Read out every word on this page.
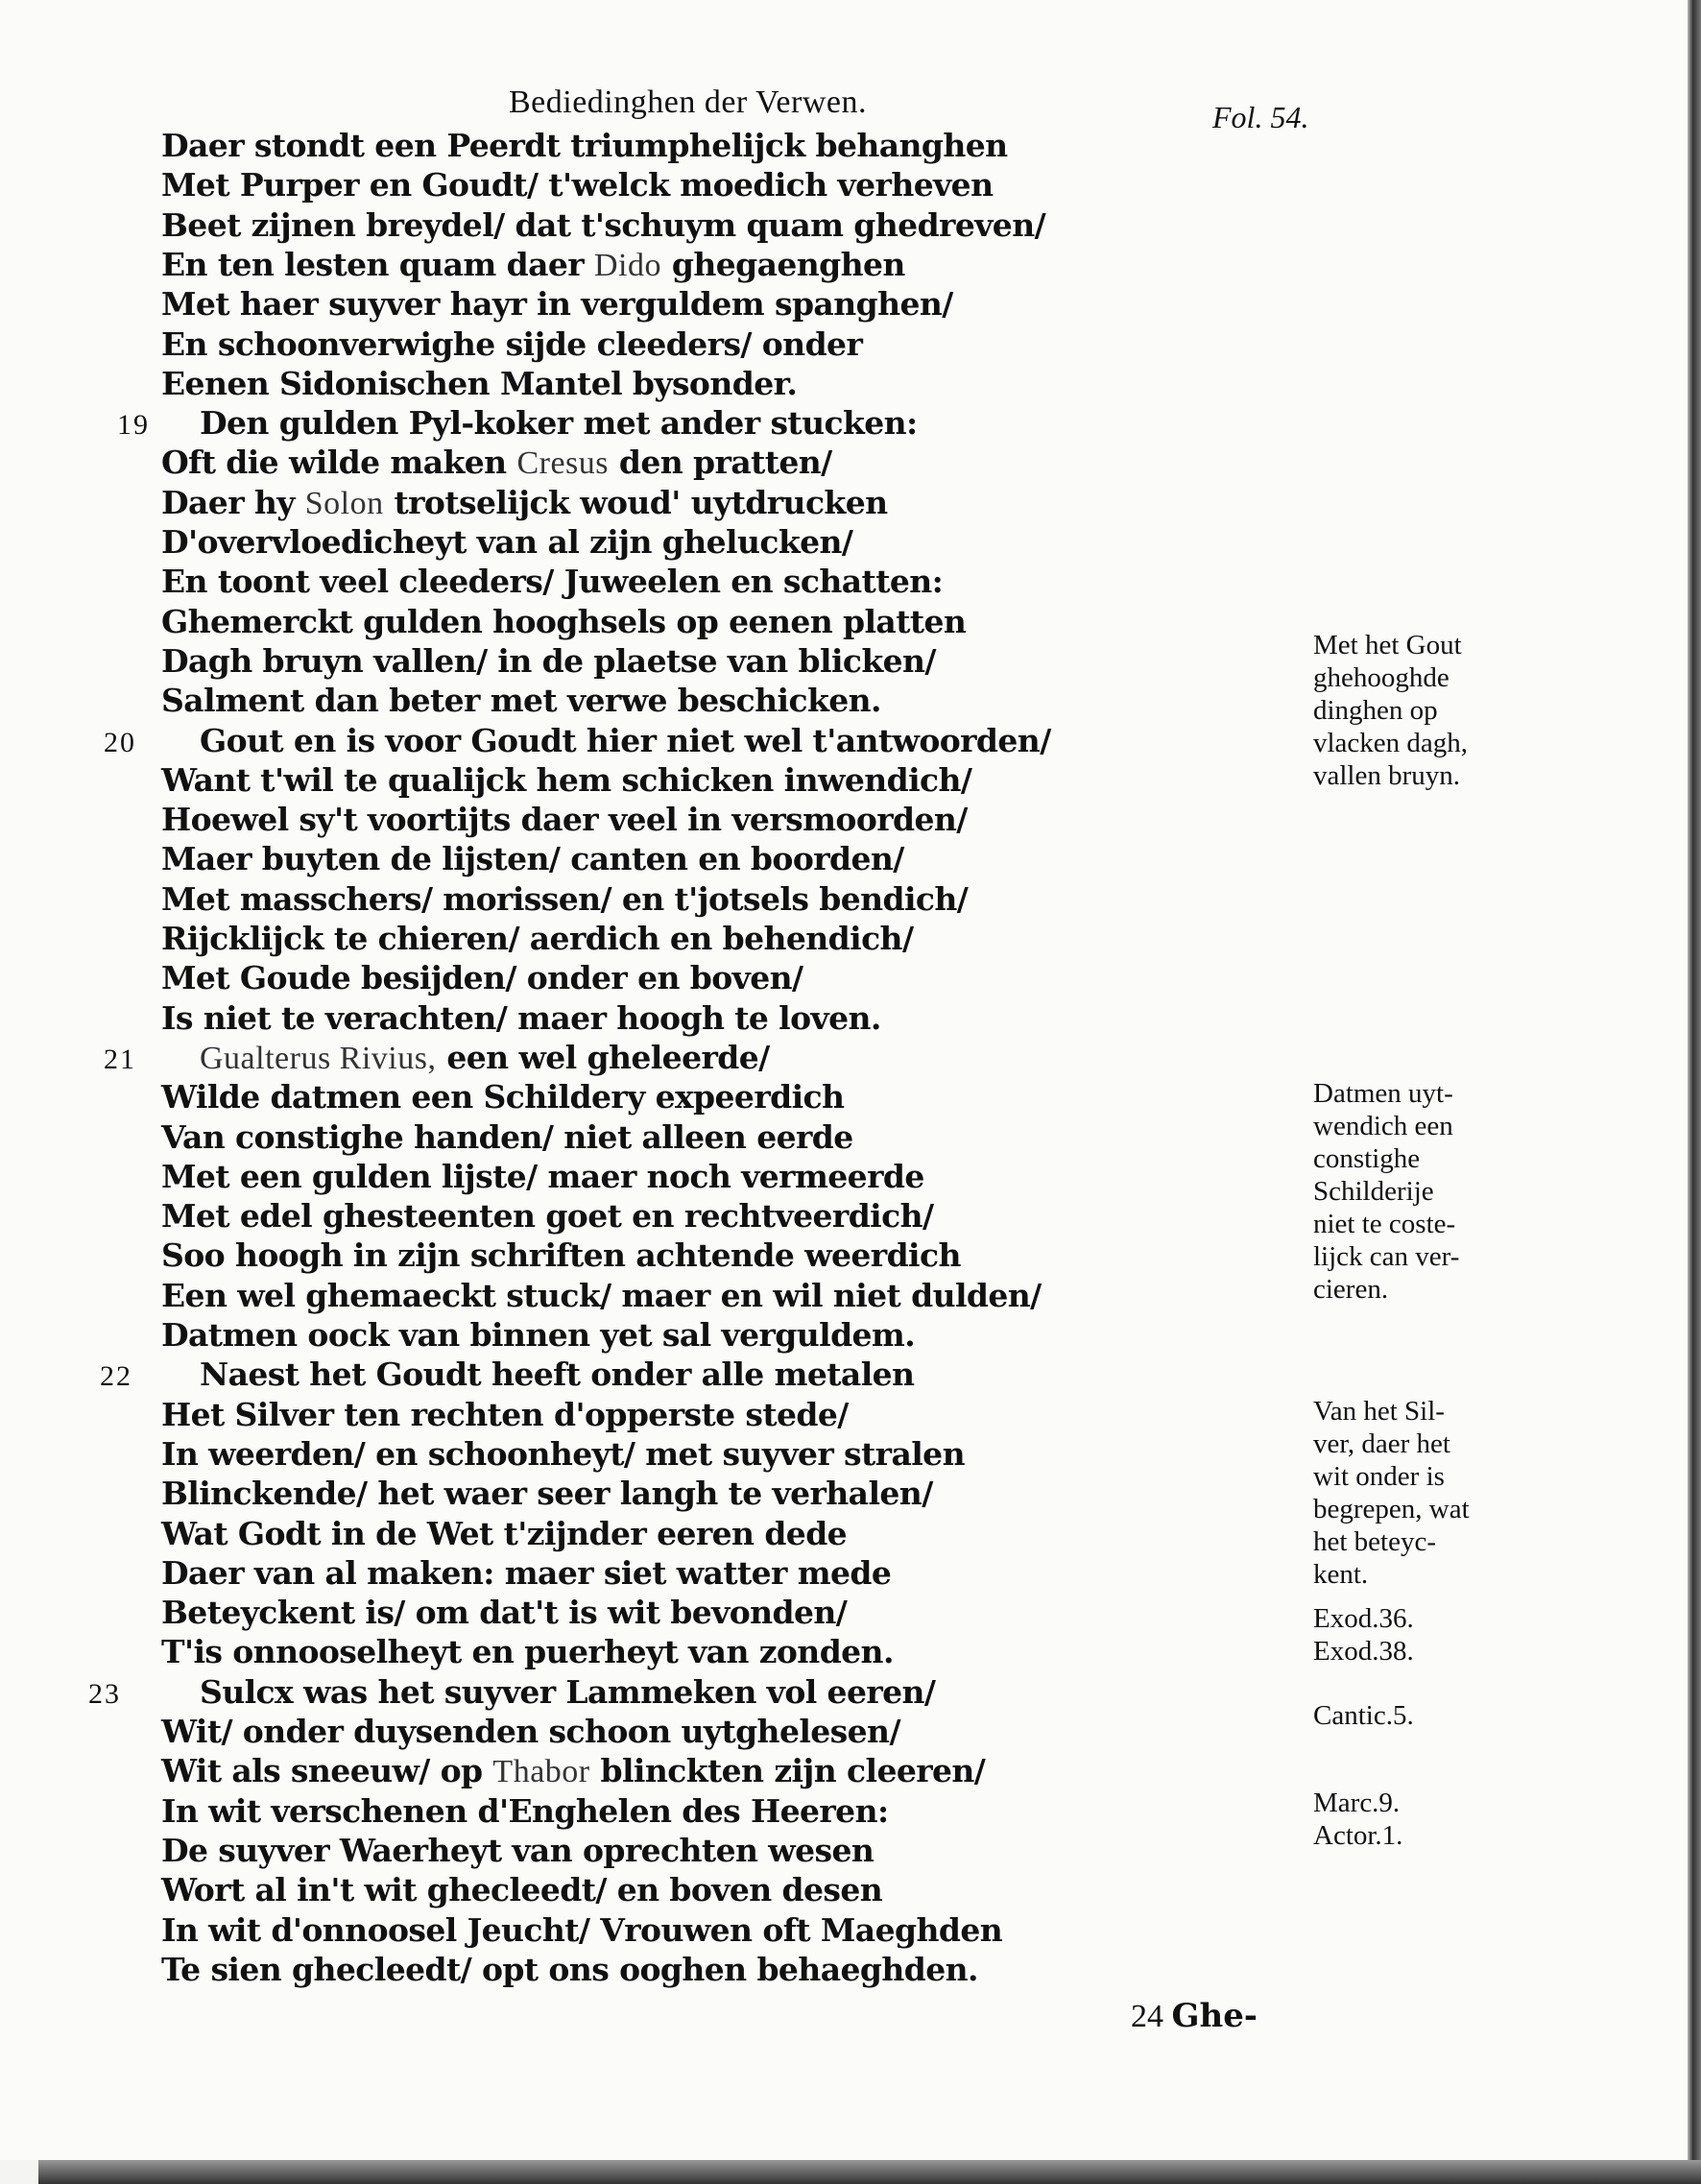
Bediedinghen der Verwen.	Fol. 54.
Daer stondt een Peerdt triumphelijck behanghen
Met Purper en Goudt/ t'welck moedich verheven
Beet zijnen breydel/ dat t'schuym quam ghedreven/
En ten lesten quam daer Dido ghegaenghen
Met haer suyver hayr in verguldem spanghen/
En schoonverwighe sijde cleeders/ onder
Eenen Sidonischen Mantel bysonder.
19 Den gulden Pyl-koker met ander stucken:
Oft die wilde maken Cresus den pratten/
Daer hy Solon trotselijck woud' uytdrucken
D'overvloedicheyt van al zijn ghelucken/
En toont veel cleeders/ Juweelen en schatten:
Ghemerckt gulden hooghsels op eenen platten
Dagh bruyn vallen/ in de plaetse van blicken/
Salment dan beter met verwe beschicken.
20 Gout en is voor Goudt hier niet wel t'antwoorden/
Want t'wil te qualijck hem schicken inwendich/
Hoewel sy't voortijts daer veel in versmoorden/
Maer buyten de lijsten/ canten en boorden/
Met masschers/ morissen/ en t'jotsels bendich/
Rijcklijck te chieren/ aerdich en behendich/
Met Goude besijden/ onder en boven/
Is niet te verachten/ maer hoogh te loven.
21 Gualterus Rivius, een wel gheleerde/
Wilde datmen een Schildery expeerdich
Van constighe handen/ niet alleen eerde
Met een gulden lijste/ maer noch vermeerde
Met edel ghesteenten goet en rechtveerdich/
Soo hoogh in zijn schriften achtende weerdich
Een wel ghemaeckt stuck/ maer en wil niet dulden/
Datmen oock van binnen yet sal verguldem.
22 Naest het Goudt heeft onder alle metalen
Het Silver ten rechten d'opperste stede/
In weerden/ en schoonheyt/ met suyver stralen
Blinckende/ het waer seer langh te verhalen/
Wat Godt in de Wet t'zijnder eeren dede
Daer van al maken: maer siet watter mede
Beteyckent is/ om dat't is wit bevonden/
T'is onnooselheyt en puerheyt van zonden.
23 Sulcx was het suyver Lammeken vol eeren/
Wit/ onder duysenden schoon uytghelesen/
Wit als sneeuw/ op Thabor blinckten zijn cleeren/
In wit verschenen d'Enghelen des Heeren:
De suyver Waerheyt van oprechten wesen
Wort al in't wit ghecleedt/ en boven desen
In wit d'onnoosel Jeucht/ Vrouwen oft Maeghden
Te sien ghecleedt/ opt ons ooghen behaeghden.
Met het Gout
ghehooghde
dinghen op
vlacken dagh,
vallen bruyn.
Datmen uyt-
wendich een
constighe
Schilderije
niet te coste-
lijck can ver-
cieren.
Van het Sil-
ver, daer het
wit onder is
begrepen, wat
het beteyc-
kent.
Exod.36.
Exod.38.
Cantic.5.
Marc.9.
Actor.1.
24 Ghe-
